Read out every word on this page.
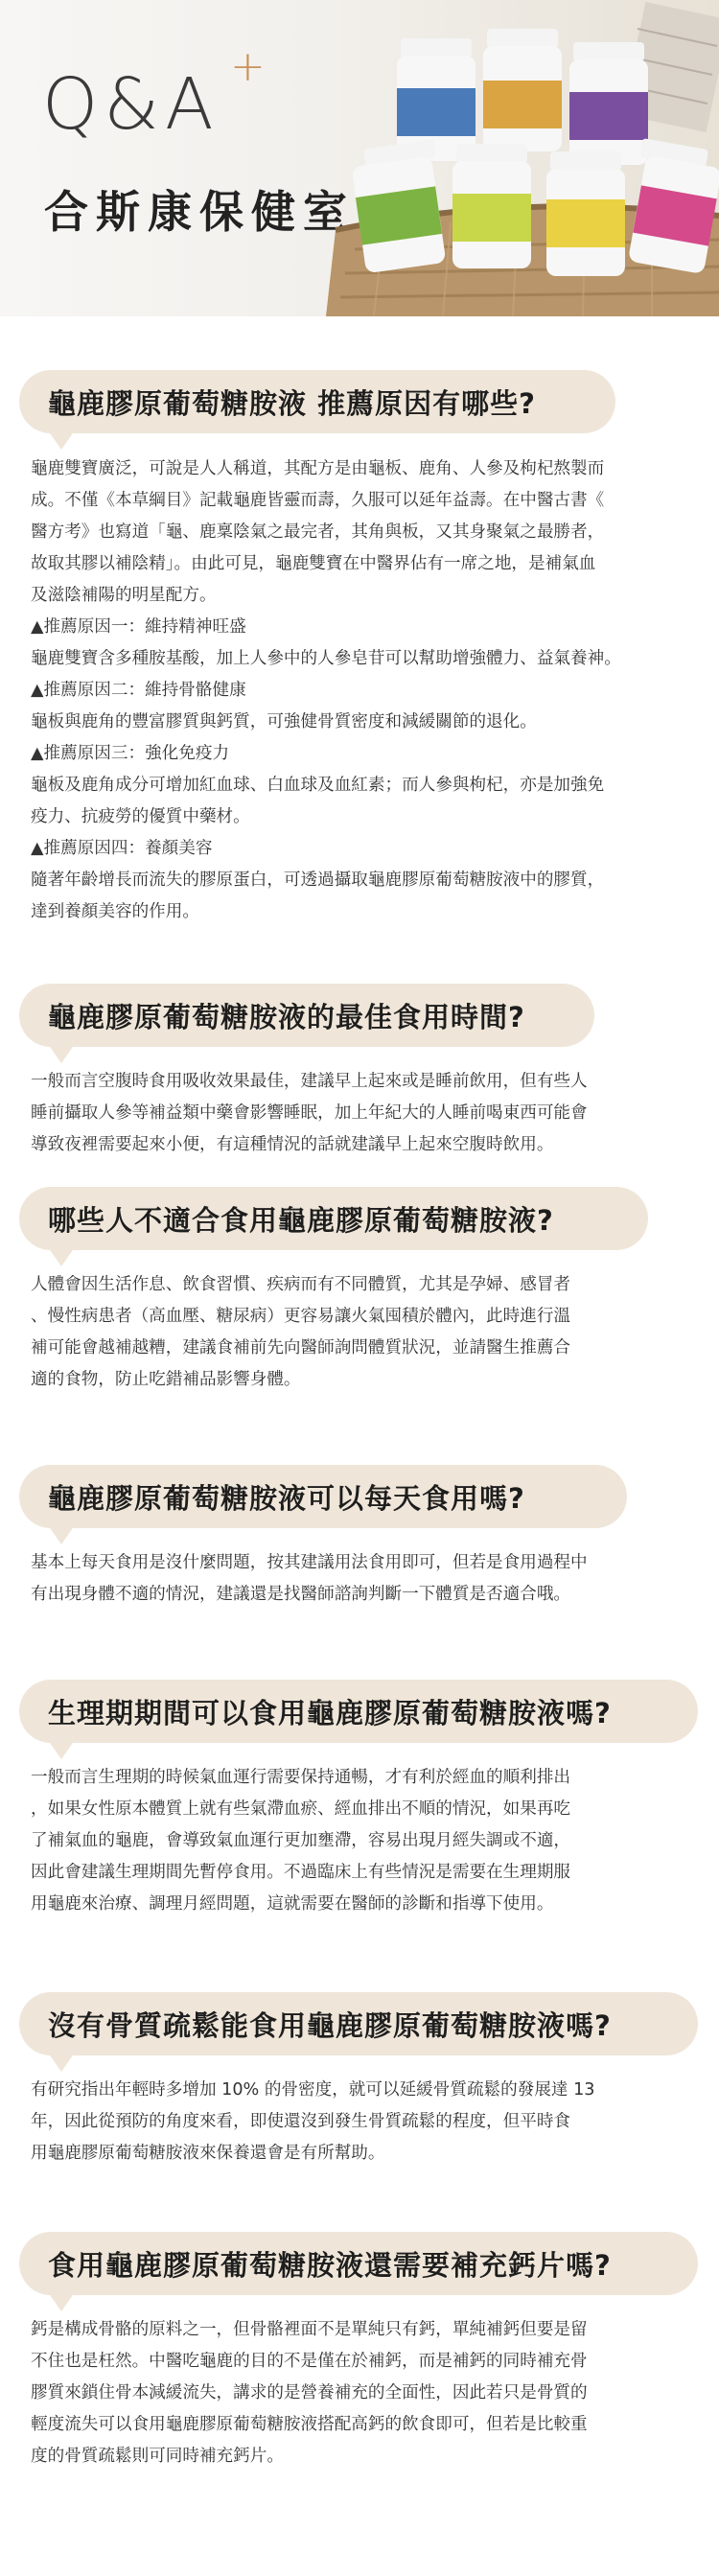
Q&A +
合斯康保健室
龜鹿膠原葡萄糖胺液 推薦原因有哪些?

龜鹿雙寶廣泛，可說是人人稱道，其配方是由龜板、鹿角、人參及枸杞熬製而
成。不僅《本草綱目》記載龜鹿皆靈而壽，久服可以延年益壽。在中醫古書《
醫方考》也寫道「龜、鹿稟陰氣之最完者，其角與板，又其身聚氣之最勝者，
故取其膠以補陰精」。由此可見，龜鹿雙寶在中醫界佔有一席之地，是補氣血
及滋陰補陽的明星配方。
▲推薦原因一：維持精神旺盛
龜鹿雙寶含多種胺基酸，加上人參中的人參皂苷可以幫助增強體力、益氣養神。
▲推薦原因二：維持骨骼健康
龜板與鹿角的豐富膠質與鈣質，可強健骨質密度和減緩關節的退化。
▲推薦原因三：強化免疫力
龜板及鹿角成分可增加紅血球、白血球及血紅素；而人參與枸杞，亦是加強免
疫力、抗疲勞的優質中藥材。
▲推薦原因四：養顏美容
隨著年齡增長而流失的膠原蛋白，可透過攝取龜鹿膠原葡萄糖胺液中的膠質，
達到養顏美容的作用。

龜鹿膠原葡萄糖胺液的最佳食用時間?

一般而言空腹時食用吸收效果最佳，建議早上起來或是睡前飲用，但有些人
睡前攝取人參等補益類中藥會影響睡眠，加上年紀大的人睡前喝東西可能會
導致夜裡需要起來小便，有這種情況的話就建議早上起來空腹時飲用。

哪些人不適合食用龜鹿膠原葡萄糖胺液?

人體會因生活作息、飲食習慣、疾病而有不同體質，尤其是孕婦、感冒者
、慢性病患者（高血壓、糖尿病）更容易讓火氣囤積於體內，此時進行溫
補可能會越補越糟，建議食補前先向醫師詢問體質狀況，並請醫生推薦合
適的食物，防止吃錯補品影響身體。

龜鹿膠原葡萄糖胺液可以每天食用嗎?

基本上每天食用是沒什麼問題，按其建議用法食用即可，但若是食用過程中
有出現身體不適的情況，建議還是找醫師諮詢判斷一下體質是否適合哦。

生理期期間可以食用龜鹿膠原葡萄糖胺液嗎?

一般而言生理期的時候氣血運行需要保持通暢，才有利於經血的順利排出
，如果女性原本體質上就有些氣滯血瘀、經血排出不順的情況，如果再吃
了補氣血的龜鹿，會導致氣血運行更加壅滯，容易出現月經失調或不適，
因此會建議生理期間先暫停食用。不過臨床上有些情況是需要在生理期服
用龜鹿來治療、調理月經問題，這就需要在醫師的診斷和指導下使用。

沒有骨質疏鬆能食用龜鹿膠原葡萄糖胺液嗎?

有研究指出年輕時多增加 10% 的骨密度，就可以延緩骨質疏鬆的發展達 13
年，因此從預防的角度來看，即使還沒到發生骨質疏鬆的程度，但平時食
用龜鹿膠原葡萄糖胺液來保養還會是有所幫助。

食用龜鹿膠原葡萄糖胺液還需要補充鈣片嗎?

鈣是構成骨骼的原料之一，但骨骼裡面不是單純只有鈣，單純補鈣但要是留
不住也是枉然。中醫吃龜鹿的目的不是僅在於補鈣，而是補鈣的同時補充骨
膠質來鎖住骨本減緩流失，講求的是營養補充的全面性，因此若只是骨質的
輕度流失可以食用龜鹿膠原葡萄糖胺液搭配高鈣的飲食即可，但若是比較重
度的骨質疏鬆則可同時補充鈣片。
